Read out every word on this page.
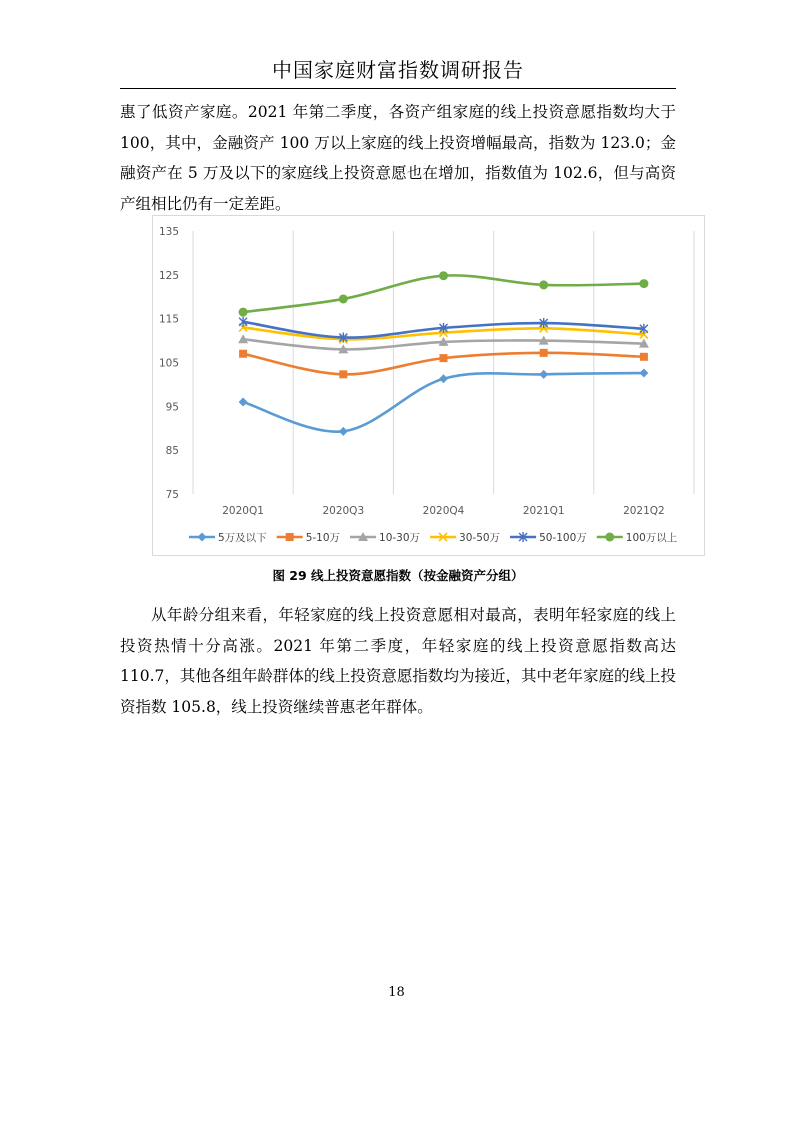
中国家庭财富指数调研报告
惠了低资产家庭。2021 年第二季度，各资产组家庭的线上投资意愿指数均大于 100，其中，金融资产 100 万以上家庭的线上投资增幅最高，指数为 123.0；金融资产在 5 万及以下的家庭线上投资意愿也在增加，指数值为 102.6，但与高资产组相比仍有一定差距。
75
85
95
105
115
125
135
2020Q1	2020Q3	2020Q4	2021Q1	2021Q2
5万及以下	5-10万	10-30万	30-50万	50-100万	100万以上
图 29 线上投资意愿指数（按金融资产分组）
从年龄分组来看，年轻家庭的线上投资意愿相对最高，表明年轻家庭的线上投资热情十分高涨。2021 年第二季度，年轻家庭的线上投资意愿指数高达 110.7，其他各组年龄群体的线上投资意愿指数均为接近，其中老年家庭的线上投资指数 105.8，线上投资继续普惠老年群体。
18
